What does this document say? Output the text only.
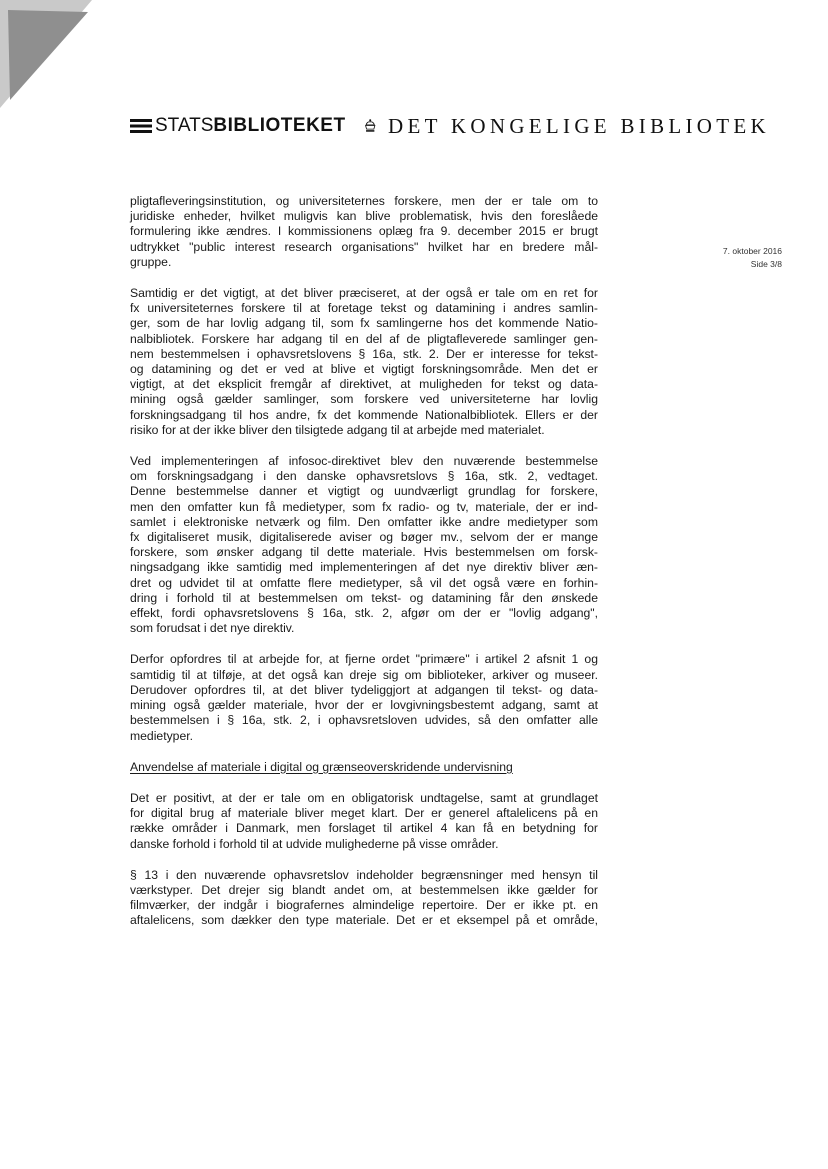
STATS BIBLIOTEKET DET KONGELIGE BIBLIOTEK
7. oktober 2016
Side 3/8

pligtafleveringsinstitution, og universiteternes forskere, men der er tale om to
juridiske enheder, hvilket muligvis kan blive problematisk, hvis den foreslåede
formulering ikke ændres. I kommissionens oplæg fra 9. december 2015 er brugt
udtrykket "public interest research organisations" hvilket har en bredere mål-
gruppe.

Samtidig er det vigtigt, at det bliver præciseret, at der også er tale om en ret for
fx universiteternes forskere til at foretage tekst og datamining i andres samlin-
ger, som de har lovlig adgang til, som fx samlingerne hos det kommende Natio-
nalbibliotek. Forskere har adgang til en del af de pligtafleverede samlinger gen-
nem bestemmelsen i ophavsretslovens § 16a, stk. 2. Der er interesse for tekst-
og datamining og det er ved at blive et vigtigt forskningsområde. Men det er
vigtigt, at det eksplicit fremgår af direktivet, at muligheden for tekst og data-
mining også gælder samlinger, som forskere ved universiteterne har lovlig
forskningsadgang til hos andre, fx det kommende Nationalbibliotek. Ellers er der
risiko for at der ikke bliver den tilsigtede adgang til at arbejde med materialet.

Ved implementeringen af infosoc-direktivet blev den nuværende bestemmelse
om forskningsadgang i den danske ophavsretslovs § 16a, stk. 2, vedtaget.
Denne bestemmelse danner et vigtigt og uundværligt grundlag for forskere,
men den omfatter kun få medietyper, som fx radio- og tv, materiale, der er ind-
samlet i elektroniske netværk og film. Den omfatter ikke andre medietyper som
fx digitaliseret musik, digitaliserede aviser og bøger mv., selvom der er mange
forskere, som ønsker adgang til dette materiale. Hvis bestemmelsen om forsk-
ningsadgang ikke samtidig med implementeringen af det nye direktiv bliver æn-
dret og udvidet til at omfatte flere medietyper, så vil det også være en forhin-
dring i forhold til at bestemmelsen om tekst- og datamining får den ønskede
effekt, fordi ophavsretslovens § 16a, stk. 2, afgør om der er "lovlig adgang",
som forudsat i det nye direktiv.

Derfor opfordres til at arbejde for, at fjerne ordet "primære" i artikel 2 afsnit 1 og
samtidig til at tilføje, at det også kan dreje sig om biblioteker, arkiver og museer.
Derudover opfordres til, at det bliver tydeliggjort at adgangen til tekst- og data-
mining også gælder materiale, hvor der er lovgivningsbestemt adgang, samt at
bestemmelsen i § 16a, stk. 2, i ophavsretsloven udvides, så den omfatter alle
medietyper.

Anvendelse af materiale i digital og grænseoverskridende undervisning

Det er positivt, at der er tale om en obligatorisk undtagelse, samt at grundlaget
for digital brug af materiale bliver meget klart. Der er generel aftalelicens på en
række områder i Danmark, men forslaget til artikel 4 kan få en betydning for
danske forhold i forhold til at udvide mulighederne på visse områder.

§ 13 i den nuværende ophavsretslov indeholder begrænsninger med hensyn til
værkstyper. Det drejer sig blandt andet om, at bestemmelsen ikke gælder for
filmværker, der indgår i biografernes almindelige repertoire. Der er ikke pt. en
aftalelicens, som dækker den type materiale. Det er et eksempel på et område,
